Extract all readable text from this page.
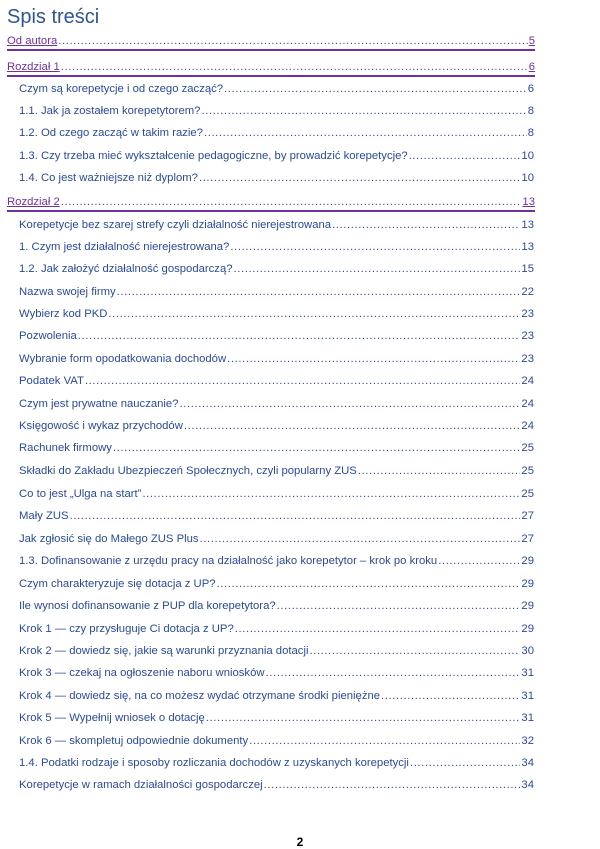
Spis treści
Od autora .....	5
Rozdział 1 .....	6
Czym są korepetycje i od czego zacząć? .....	6
1.1. Jak ja zostałem korepetytorem? .....	8
1.2. Od czego zacząć w takim razie? .....	8
1.3. Czy trzeba mieć wykształcenie pedagogiczne, by prowadzić korepetycje? .....	10
1.4. Co jest ważniejsze niż dyplom? .....	10
Rozdział 2 .....	13
Korepetycje bez szarej strefy czyli działalność nierejestrowana .....	13
1. Czym jest działalność nierejestrowana? .....	13
1.2. Jak założyć działalność gospodarczą? .....	15
Nazwa swojej firmy .....	22
Wybierz kod PKD .....	23
Pozwolenia .....	23
Wybranie form opodatkowania dochodów .....	23
Podatek VAT .....	24
Czym jest prywatne nauczanie? .....	24
Księgowość i wykaz przychodów .....	24
Rachunek firmowy .....	25
Składki do Zakładu Ubezpieczeń Społecznych, czyli popularny ZUS .....	25
Co to jest „Ulga na start” .....	25
Mały ZUS .....	27
Jak zgłosić się do Małego ZUS Plus .....	27
1.3. Dofinansowanie z urzędu pracy na działalność jako korepetytor – krok po kroku .....	29
Czym charakteryzuje się dotacja z UP? .....	29
Ile wynosi dofinansowanie z PUP dla korepetytora? .....	29
Krok 1 — czy przysługuje Ci dotacja z UP? .....	29
Krok 2 — dowiedz się, jakie są warunki przyznania dotacji .....	30
Krok 3 — czekaj na ogłoszenie naboru wniosków .....	31
Krok 4 — dowiedz się, na co możesz wydać otrzymane środki pieniężne .....	31
Krok 5 — Wypełnij wniosek o dotację .....	31
Krok 6 — skompletuj odpowiednie dokumenty .....	32
1.4. Podatki rodzaje i sposoby rozliczania dochodów z uzyskanych korepetycji .....	34
Korepetycje w ramach działalności gospodarczej .....	34
2
